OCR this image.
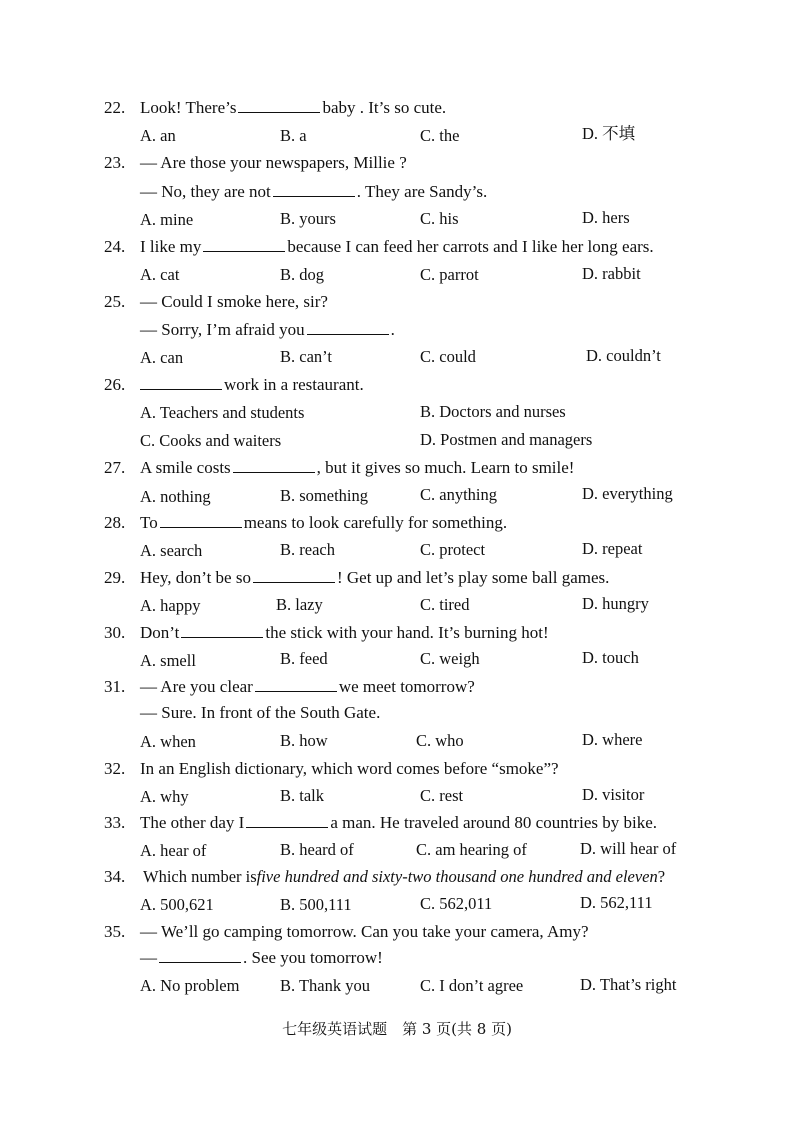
22. Look! There’s	baby . It’s so cute.
A. an	B. a	C. the	D. 不填
23. — Are those your newspapers, Millie ?
— No, they are not	. They are Sandy’s.
A. mine	B. yours	C. his	D. hers
24. I like my	because I can feed her carrots and I like her long ears.
A. cat	B. dog	C. parrot	D. rabbit
25. — Could I smoke here, sir?
— Sorry, I’m afraid you	.
A. can	B. can’t	C. could	D. couldn’t
26.	work in a restaurant.
A. Teachers and students	B. Doctors and nurses
C. Cooks and waiters	D. Postmen and managers
27. A smile costs	, but it gives so much. Learn to smile!
A. nothing	B. something	C. anything	D. everything
28. To	means to look carefully for something.
A. search	B. reach	C. protect	D. repeat
29. Hey, don’t be so	! Get up and let’s play some ball games.
A. happy	B. lazy	C. tired	D. hungry
30. Don’t	the stick with your hand. It’s burning hot!
A. smell	B. feed	C. weigh	D. touch
31. — Are you clear	we meet tomorrow?
— Sure. In front of the South Gate.
A. when	B. how	C. who	D. where
32. In an English dictionary, which word comes before “smoke”?
A. why	B. talk	C. rest	D. visitor
33. The other day I	a man. He traveled around 80 countries by bike.
A. hear of	B. heard of	C. am hearing of	D. will hear of
34.	Which number isfive hundred and sixty-two thousand one hundred and eleven?
A. 500,621	B. 500,111	C. 562,011	D. 562,111
35. — We’ll go camping tomorrow. Can you take your camera, Amy?
—	. See you tomorrow!
A. No problem B. Thank you	C. I don’t agree	D. That’s right
七年级英语试题　第 3 页(共 8 页)
